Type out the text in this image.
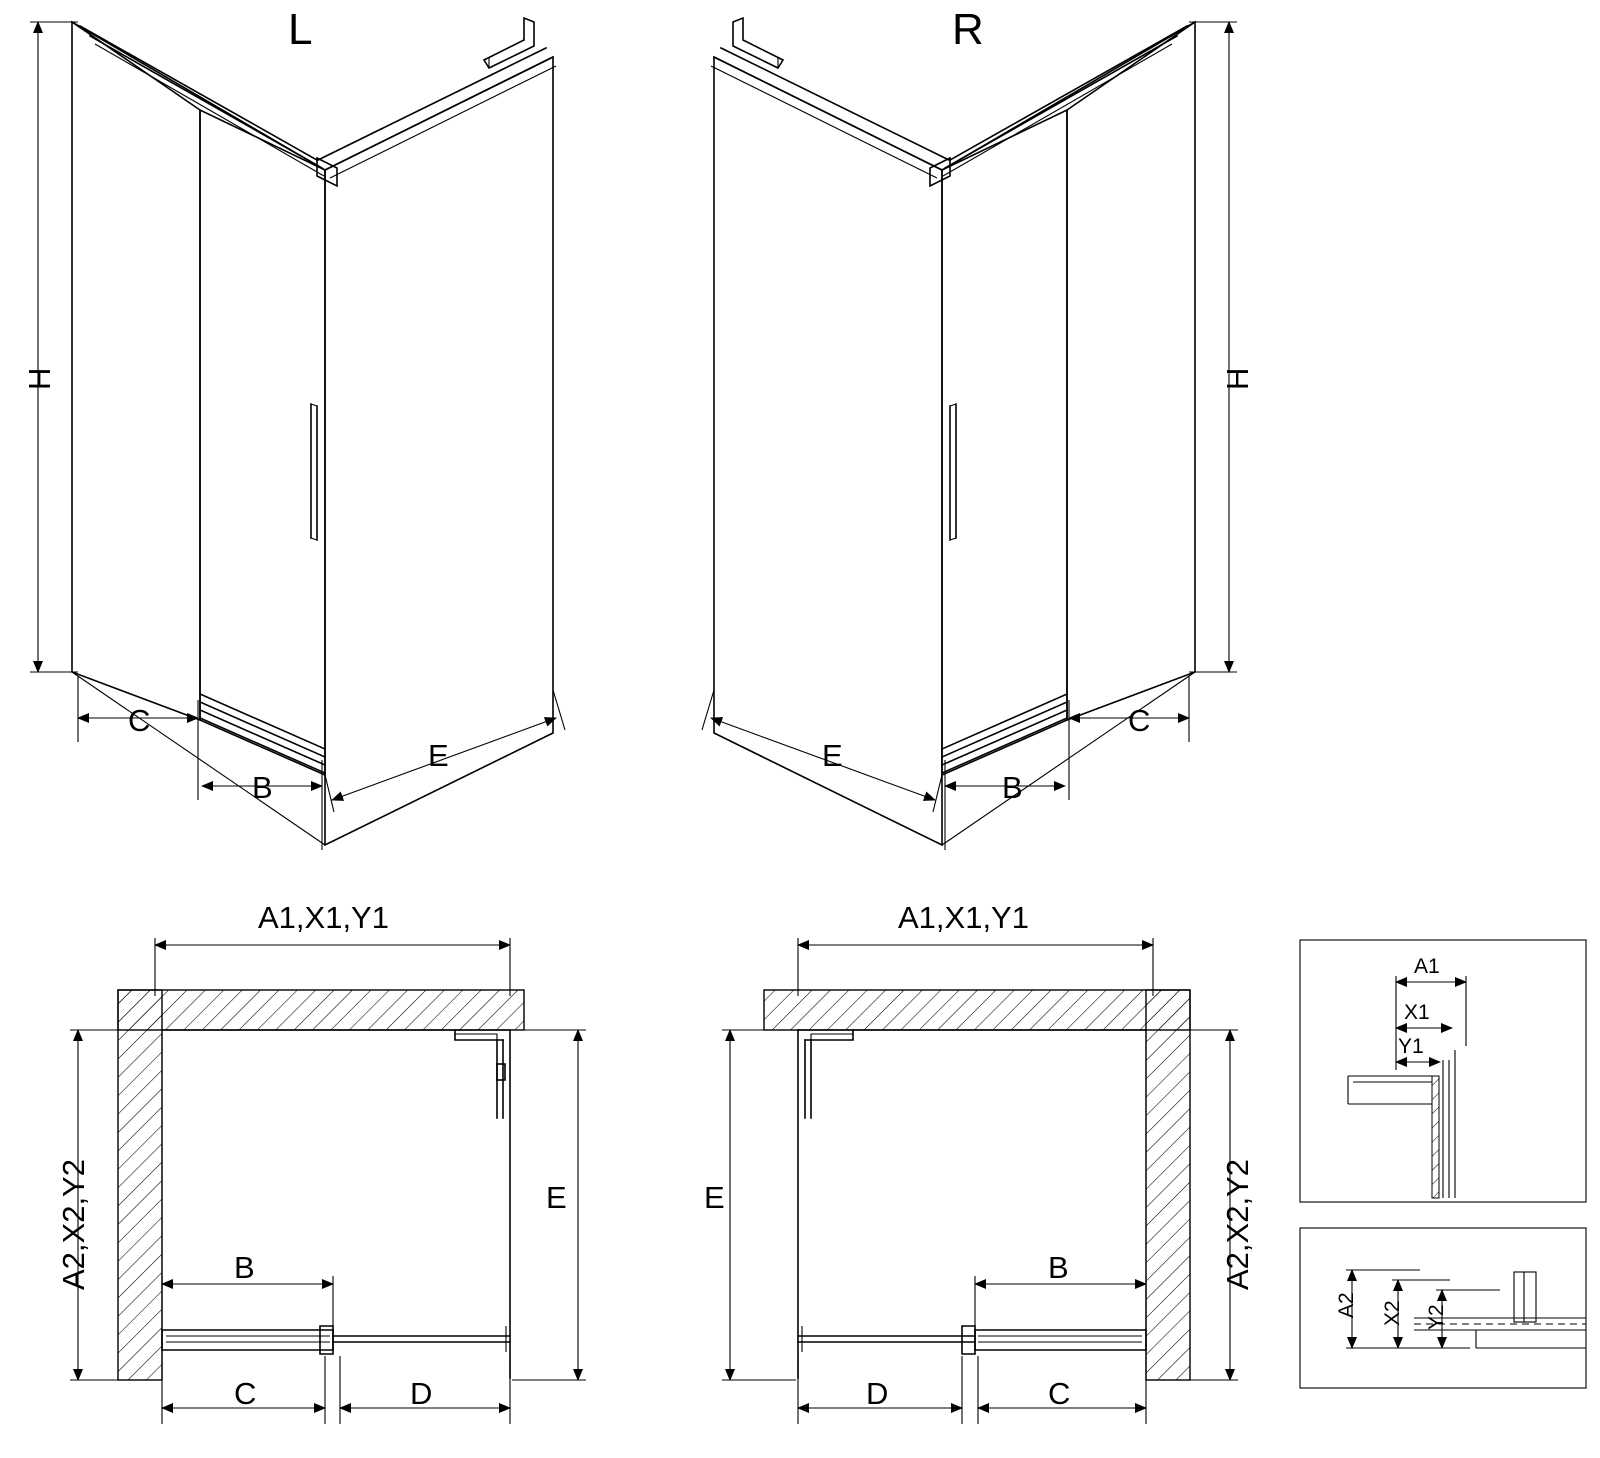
L	R
H
C
B
E
H
E
B
C
A1,X1,Y1
A2,X2,Y2	E
B
C	D
A1,X1,Y1
A2,X2,Y2
E
B
D	C
A1
X1
Y1
A2 X2 Y2
